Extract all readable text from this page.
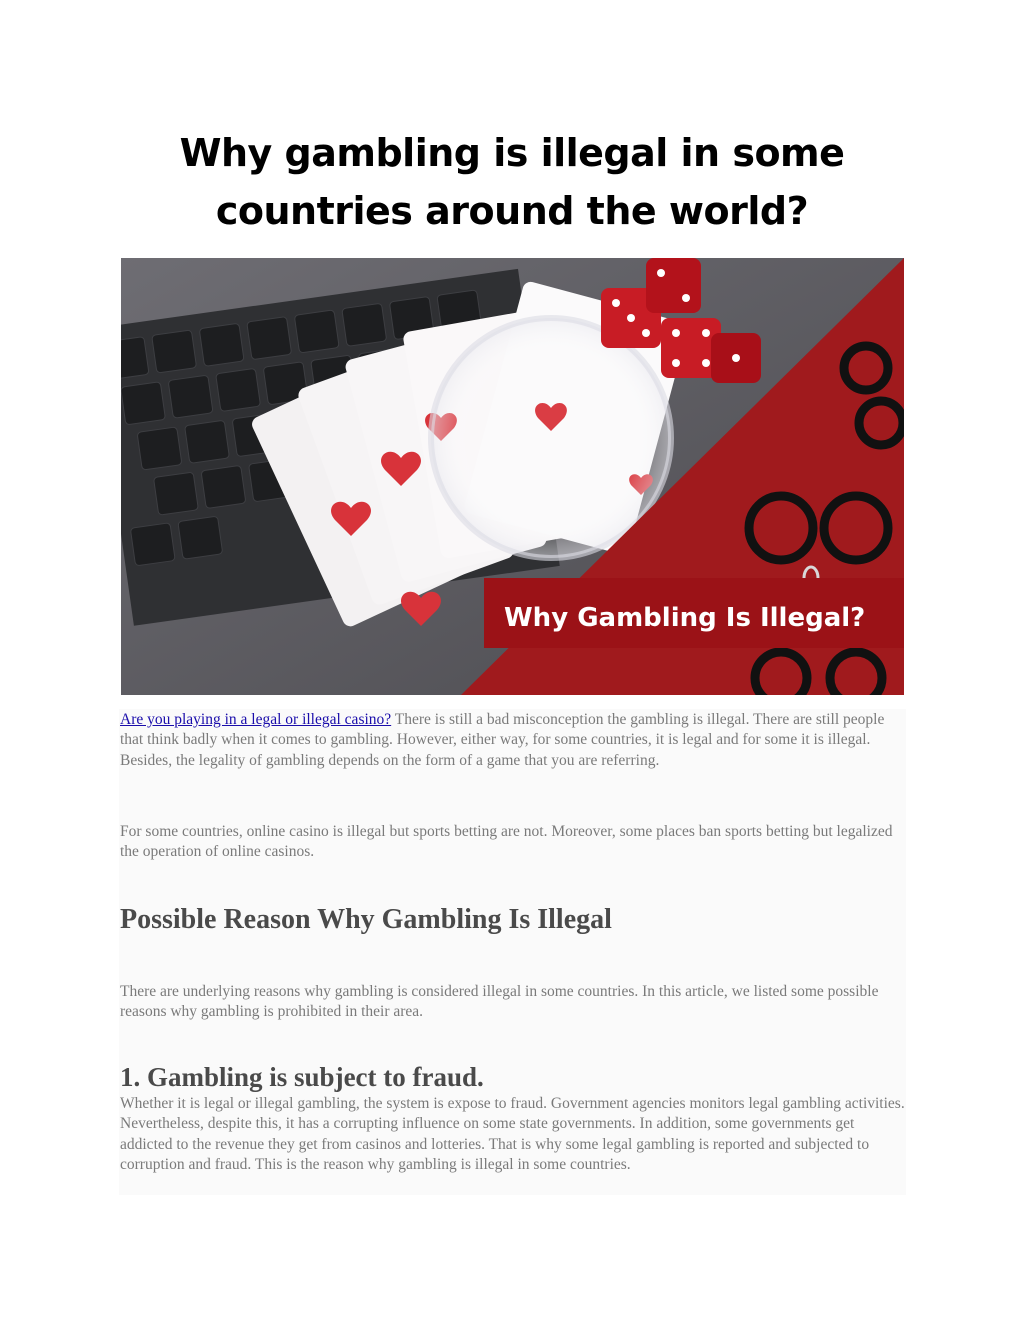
Why gambling is illegal in some
countries around the world?
Why Gambling Is Illegal?
Are you playing in a legal or illegal casino? There is still a bad misconception the gambling is illegal. There are still people that think badly when it comes to gambling. However, either way, for some countries, it is legal and for some it is illegal. Besides, the legality of gambling depends on the form of a game that you are referring.
For some countries, online casino is illegal but sports betting are not. Moreover, some places ban sports betting but legalized the operation of online casinos.
Possible Reason Why Gambling Is Illegal
There are underlying reasons why gambling is considered illegal in some countries. In this article, we listed some possible reasons why gambling is prohibited in their area.
1. Gambling is subject to fraud.
Whether it is legal or illegal gambling, the system is expose to fraud. Government agencies monitors legal gambling activities. Nevertheless, despite this, it has a corrupting influence on some state governments. In addition, some governments get addicted to the revenue they get from casinos and lotteries. That is why some legal gambling is reported and subjected to corruption and fraud. This is the reason why gambling is illegal in some countries.
